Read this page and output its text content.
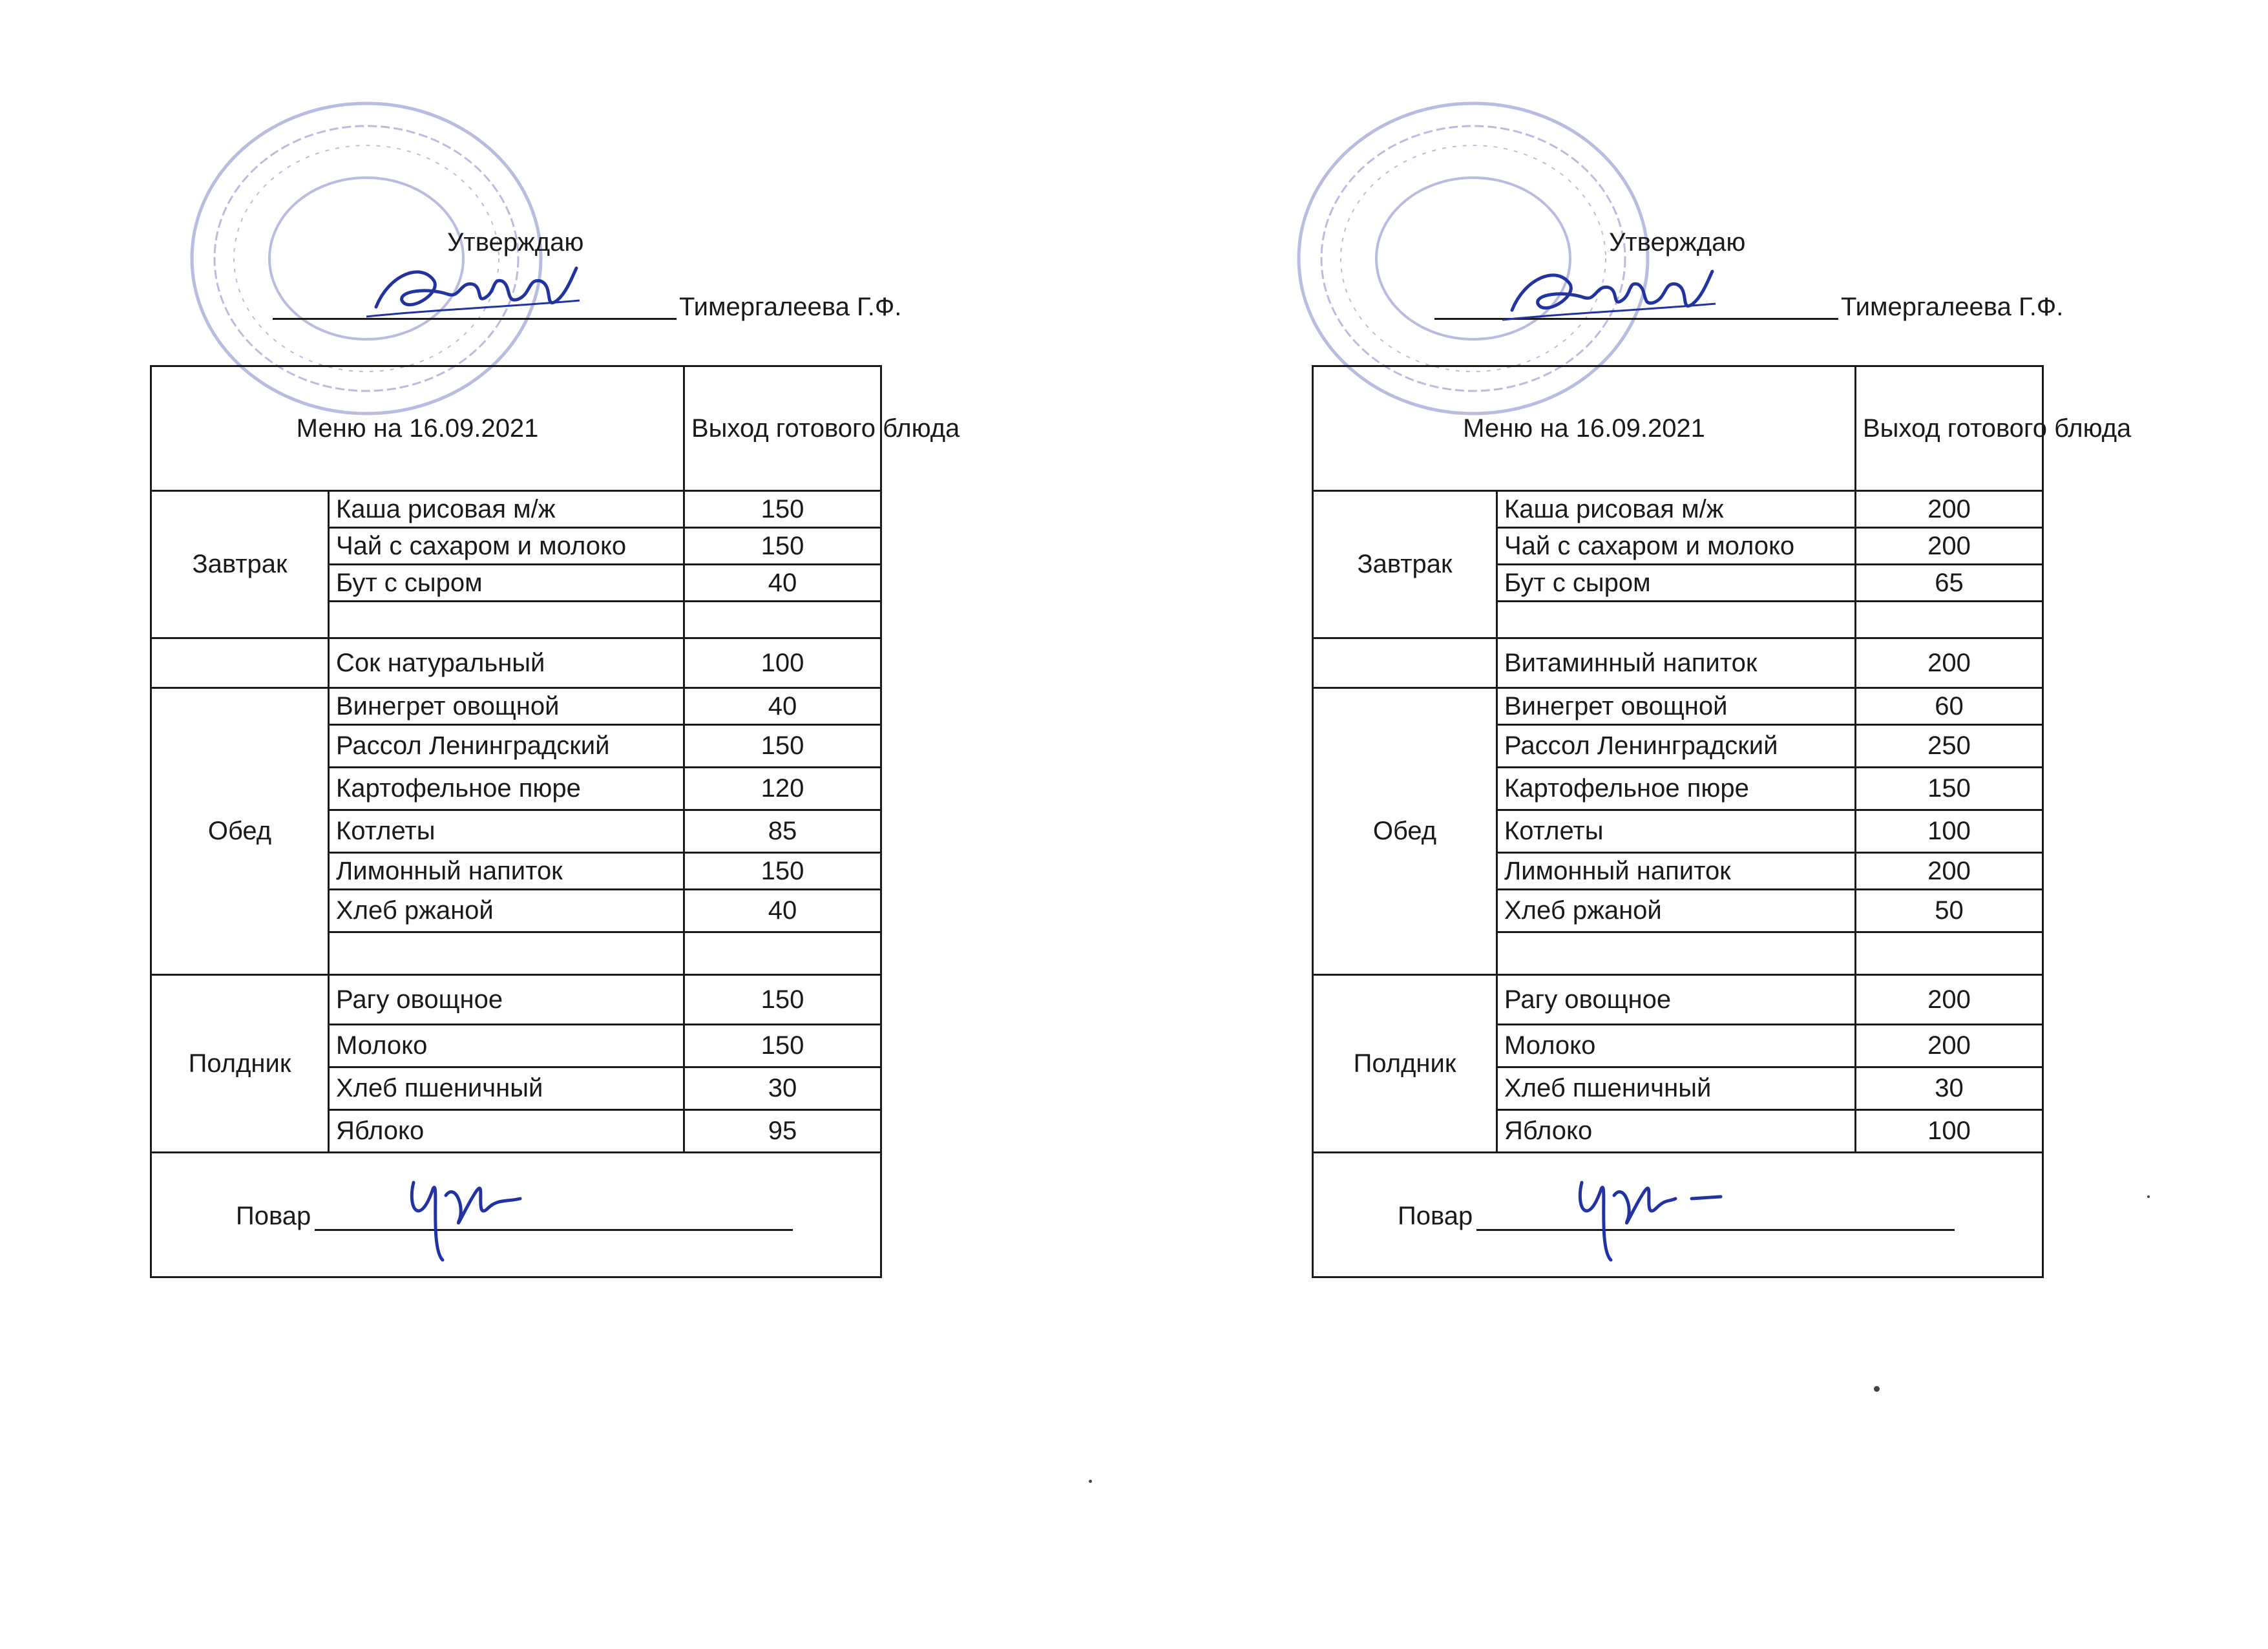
Утверждаю
Тимергалеева Г.Ф.
Меню на 16.09.2021		Выход готового блюда
Завтрак	Каша рисовая м/ж	150
	Чай с сахаром и молоко	150
	Бут с сыром	40

	Сок натуральный	100
Обед	Винегрет овощной	40
	Рассол Ленинградский	150
	Картофельное пюре	120
	Котлеты	85
	Лимонный напиток	150
	Хлеб ржаной	40

Полдник	Рагу овощное	150
	Молоко	150
	Хлеб пшеничный	30
	Яблоко	95

Повар		
Утверждаю
Тимергалеева Г.Ф.
Меню на 16.09.2021		Выход готового блюда
Завтрак	Каша рисовая м/ж	200
	Чай с сахаром и молоко	200
	Бут с сыром	65

	Витаминный напиток	200
Обед	Винегрет овощной	60
	Рассол Ленинградский	250
	Картофельное пюре	150
	Котлеты	100
	Лимонный напиток	200
	Хлеб ржаной	50

Полдник	Рагу овощное	200
	Молоко	200
	Хлеб пшеничный	30
	Яблоко	100

Повар		
